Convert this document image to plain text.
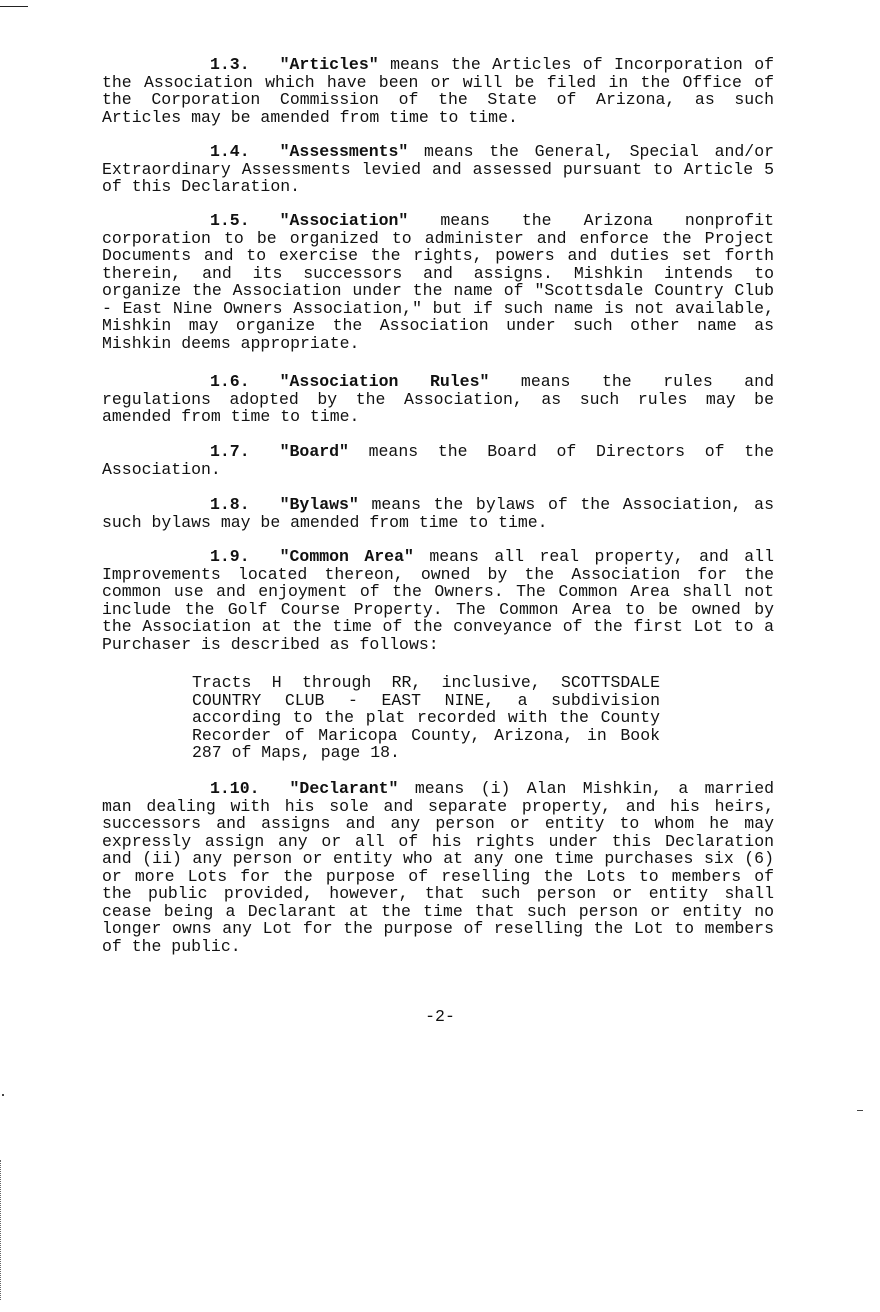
1.3. "Articles" means the Articles of Incorporation of the Association which have been or will be filed in the Office of the Corporation Commission of the State of Arizona, as such Articles may be amended from time to time.

1.4. "Assessments" means the General, Special and/or Extraordinary Assessments levied and assessed pursuant to Article 5 of this Declaration.

1.5. "Association" means the Arizona nonprofit corporation to be organized to administer and enforce the Project Documents and to exercise the rights, powers and duties set forth therein, and its successors and assigns. Mishkin intends to organize the Association under the name of "Scottsdale Country Club - East Nine Owners Association," but if such name is not available, Mishkin may organize the Association under such other name as Mishkin deems appropriate.

1.6. "Association Rules" means the rules and regulations adopted by the Association, as such rules may be amended from time to time.

1.7. "Board" means the Board of Directors of the Association.

1.8. "Bylaws" means the bylaws of the Association, as such bylaws may be amended from time to time.

1.9. "Common Area" means all real property, and all Improvements located thereon, owned by the Association for the common use and enjoyment of the Owners. The Common Area shall not include the Golf Course Property. The Common Area to be owned by the Association at the time of the conveyance of the first Lot to a Purchaser is described as follows:

Tracts H through RR, inclusive, SCOTTSDALE COUNTRY CLUB - EAST NINE, a subdivision according to the plat recorded with the County Recorder of Maricopa County, Arizona, in Book 287 of Maps, page 18.

1.10. "Declarant" means (i) Alan Mishkin, a married man dealing with his sole and separate property, and his heirs, successors and assigns and any person or entity to whom he may expressly assign any or all of his rights under this Declaration and (ii) any person or entity who at any one time purchases six (6) or more Lots for the purpose of reselling the Lots to members of the public provided, however, that such person or entity shall cease being a Declarant at the time that such person or entity no longer owns any Lot for the purpose of reselling the Lot to members of the public.

-2-
